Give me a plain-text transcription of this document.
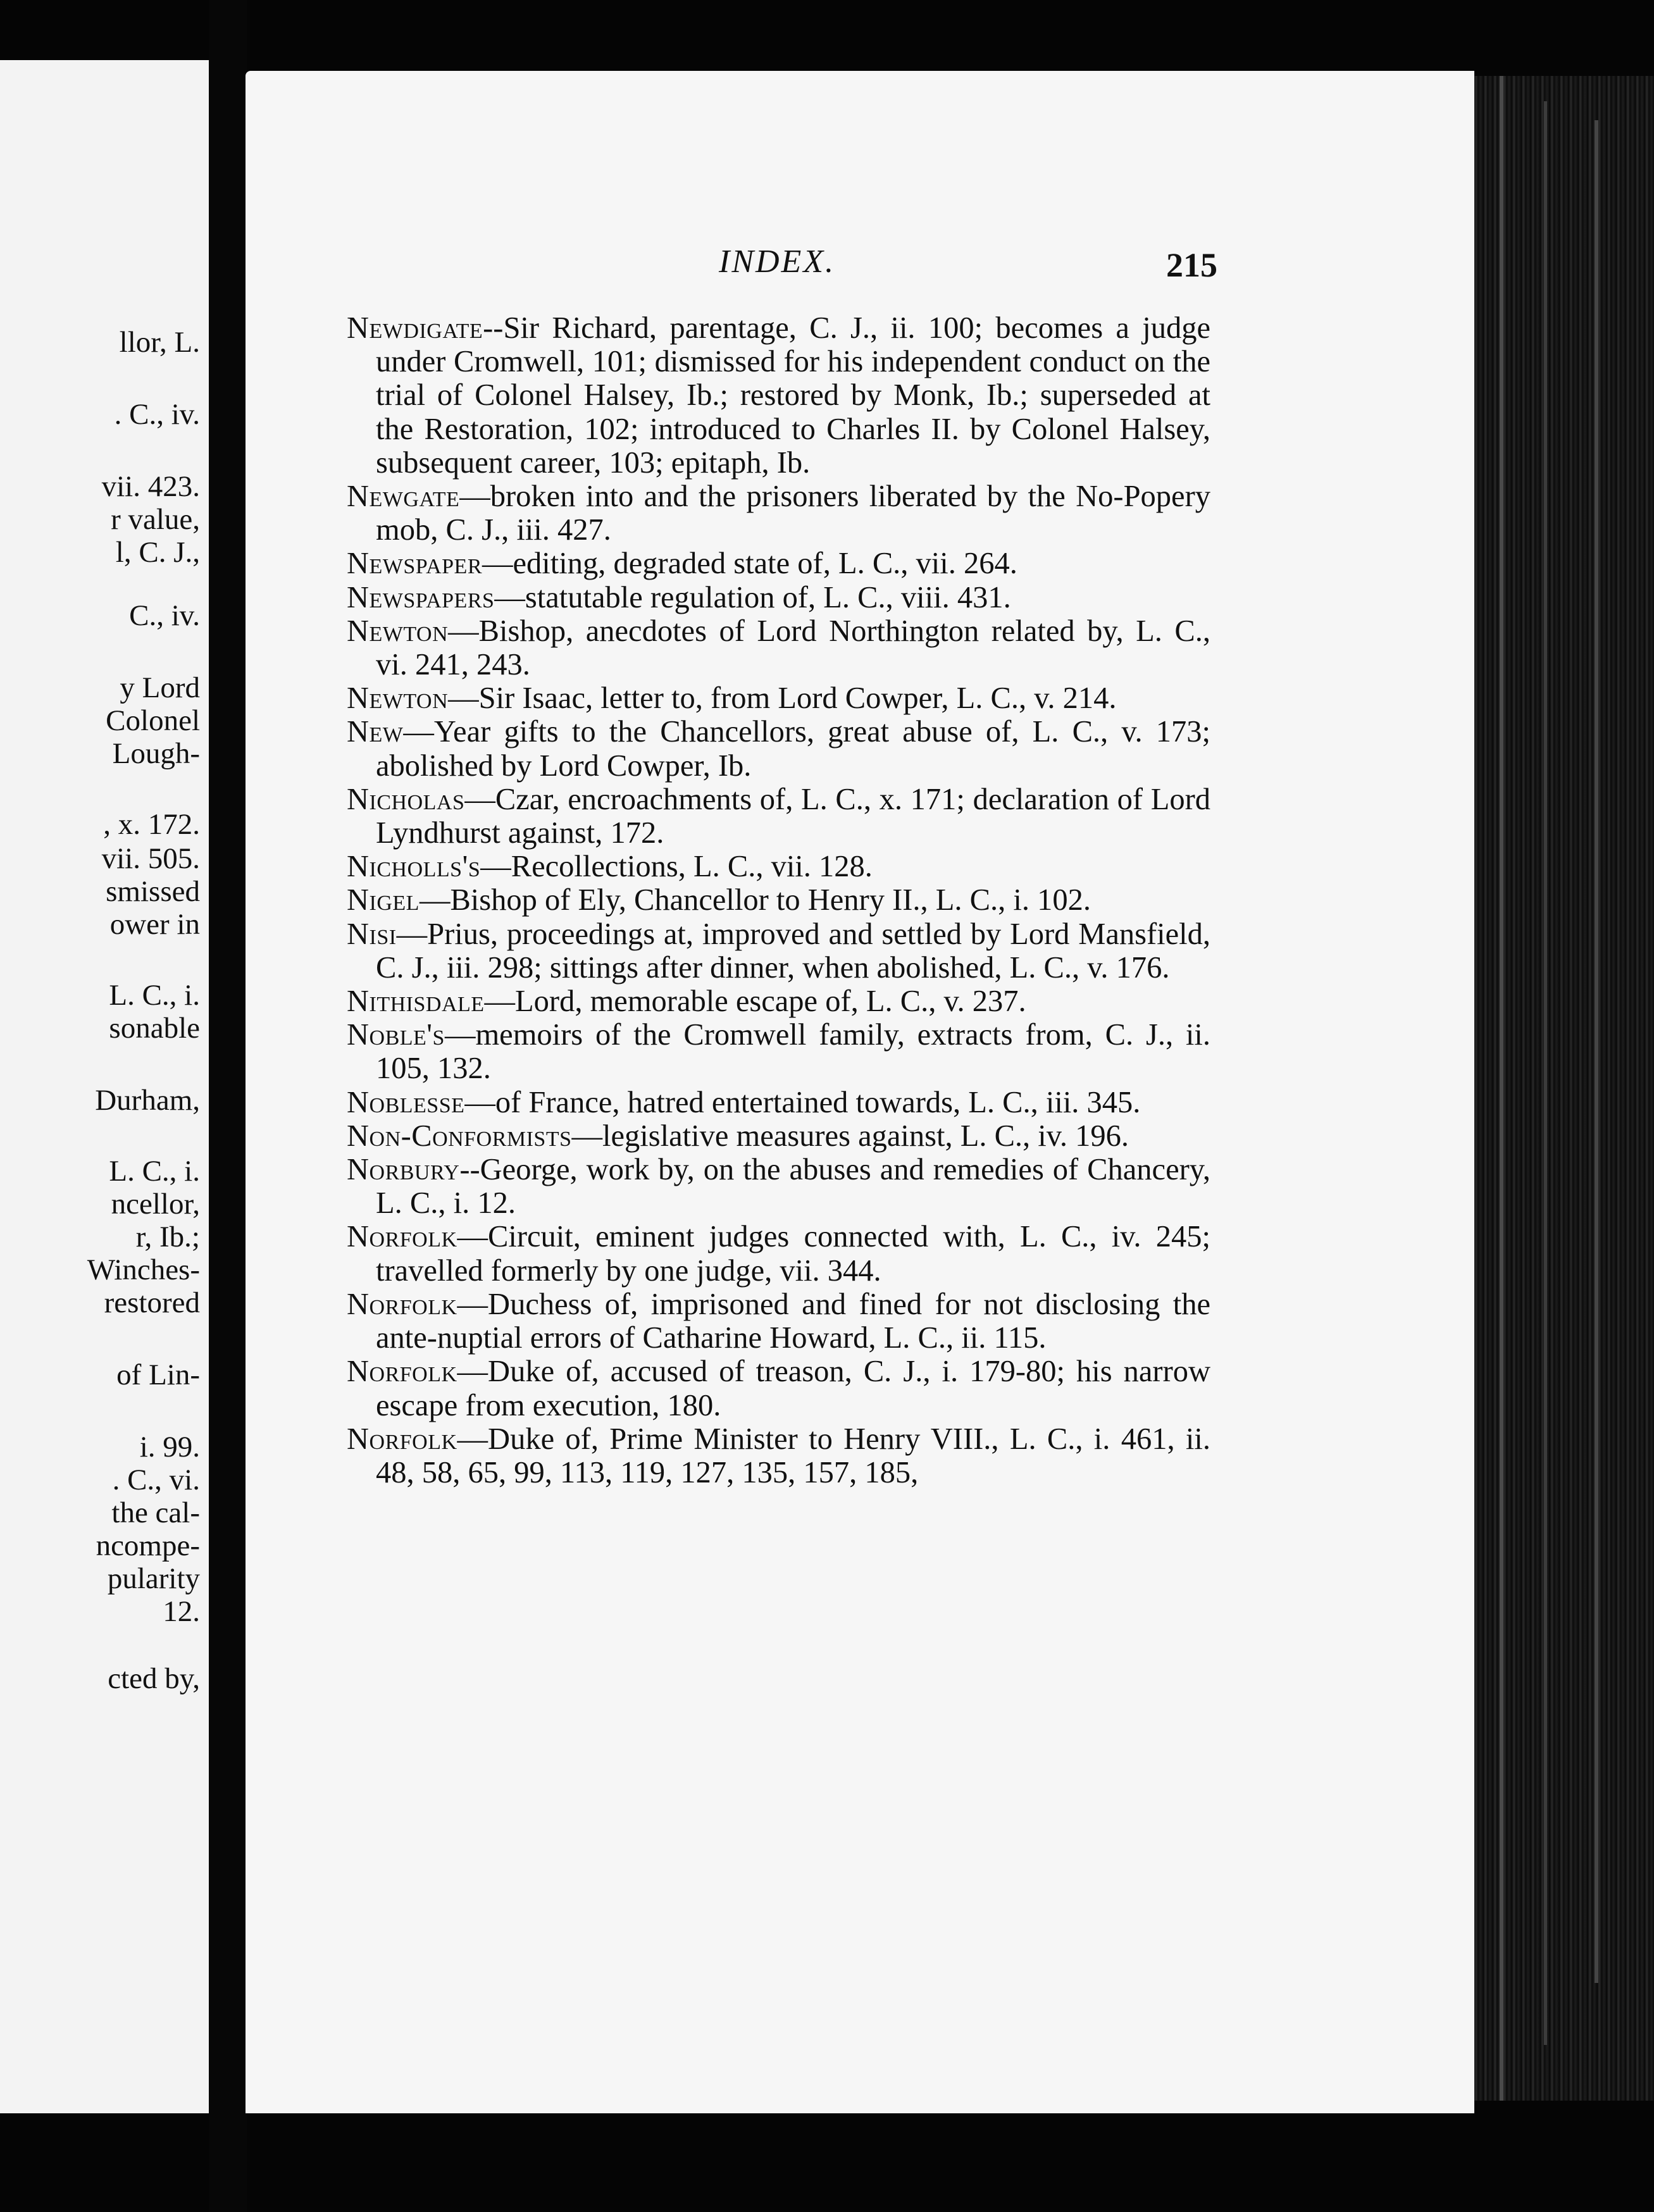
llor, L.
. C., iv.
vii. 423.
r value,
l, C. J.,
C., iv.
y Lord
Colonel
Lough-
, x. 172.
vii. 505.
smissed
ower in
L. C., i.
sonable
Durham,
L. C., i.
ncellor,
r, Ib.;
Winches-
restored
of Lin-
i. 99.
. C., vi.
the cal-
ncompe-
pularity
12.
cted by,
INDEX.	215

Newdigate--Sir Richard, parentage, C. J., ii. 100; becomes a judge under Cromwell, 101; dismissed for his independent conduct on the trial of Colonel Halsey, Ib.; restored by Monk, Ib.; superseded at the Restoration, 102; introduced to Charles II. by Colonel Halsey, subsequent career, 103; epitaph, Ib.

Newgate—broken into and the prisoners liberated by the No-Popery mob, C. J., iii. 427.

Newspaper—editing, degraded state of, L. C., vii. 264.

Newspapers—statutable regulation of, L. C., viii. 431.

Newton—Bishop, anecdotes of Lord Northington related by, L. C., vi. 241, 243.

Newton—Sir Isaac, letter to, from Lord Cowper, L. C., v. 214.

New—Year gifts to the Chancellors, great abuse of, L. C., v. 173; abolished by Lord Cowper, Ib.

Nicholas—Czar, encroachments of, L. C., x. 171; declaration of Lord Lyndhurst against, 172.

Nicholls's—Recollections, L. C., vii. 128.

Nigel—Bishop of Ely, Chancellor to Henry II., L. C., i. 102.

Nisi—Prius, proceedings at, improved and settled by Lord Mansfield, C. J., iii. 298; sittings after dinner, when abolished, L. C., v. 176.

Nithisdale—Lord, memorable escape of, L. C., v. 237.

Noble's—memoirs of the Cromwell family, extracts from, C. J., ii. 105, 132.

Noblesse—of France, hatred entertained towards, L. C., iii. 345.

Non-Conformists—legislative measures against, L. C., iv. 196.

Norbury--George, work by, on the abuses and remedies of Chancery, L. C., i. 12.

Norfolk—Circuit, eminent judges connected with, L. C., iv. 245; travelled formerly by one judge, vii. 344.

Norfolk—Duchess of, imprisoned and fined for not disclosing the ante-nuptial errors of Catharine Howard, L. C., ii. 115.

Norfolk—Duke of, accused of treason, C. J., i. 179-80; his narrow escape from execution, 180.

Norfolk—Duke of, Prime Minister to Henry VIII., L. C., i. 461, ii. 48, 58, 65, 99, 113, 119, 127, 135, 157, 185,
